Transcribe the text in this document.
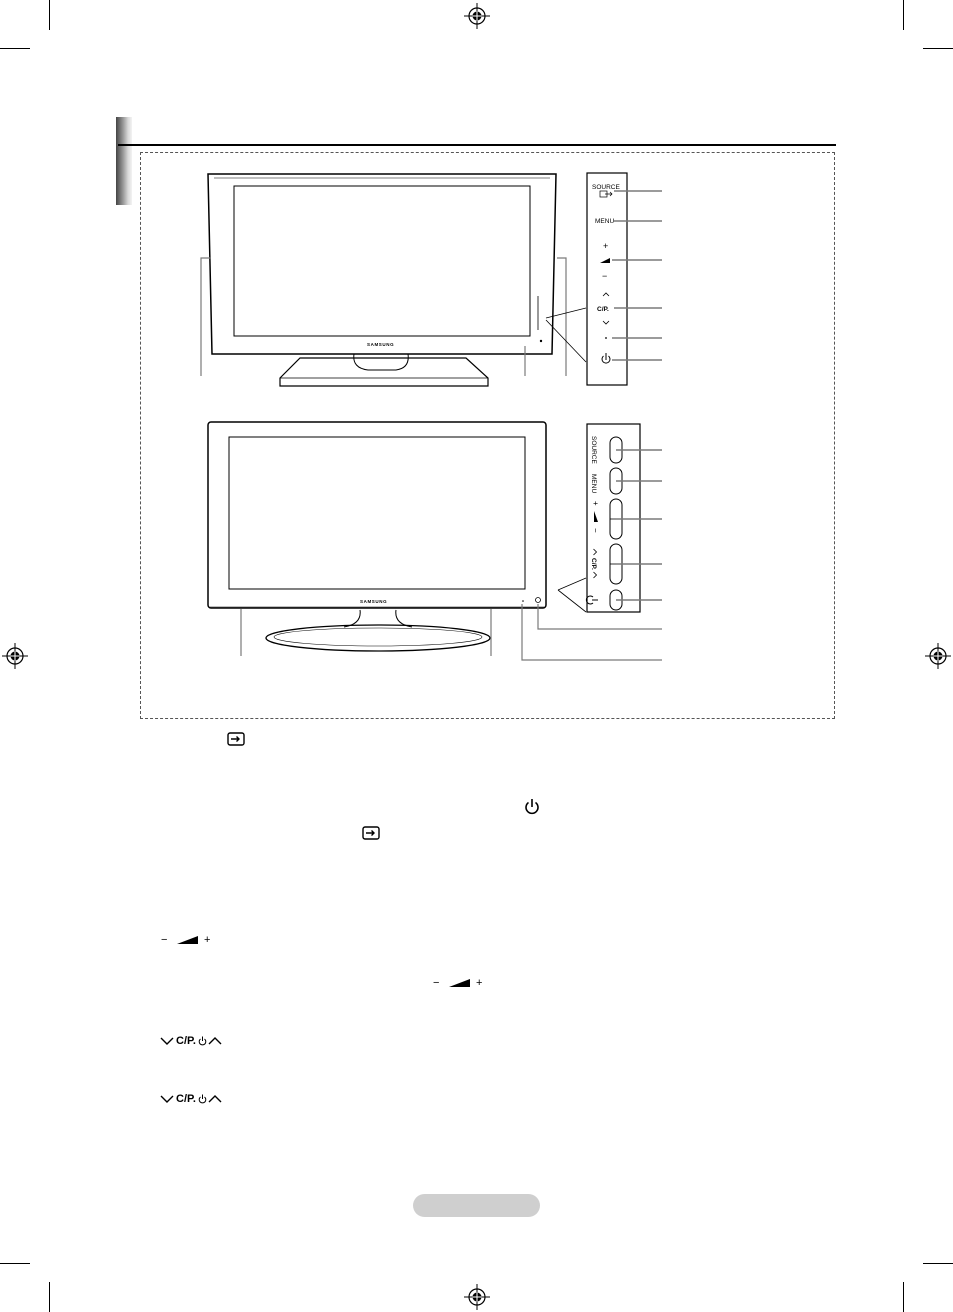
SAMSUNG
SOURCE
MENU
+
−
C/P.
SAMSUNG
SOURCE
MENU
+
−
C/P.
−	+
−	+
C/P.
C/P.
